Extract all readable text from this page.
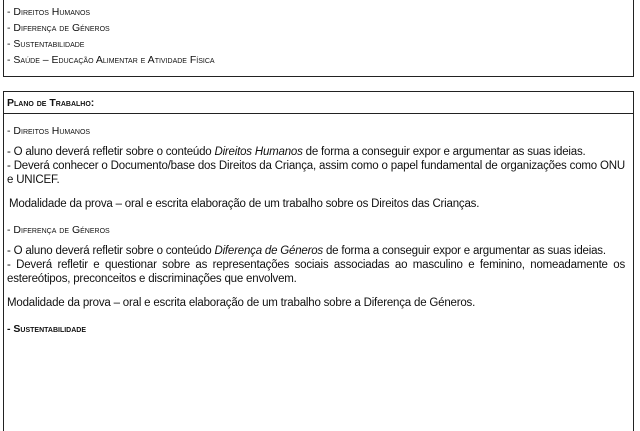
- Direitos Humanos
- Diferença de Géneros
- Sustentabilidade
- Saúde – Educação Alimentar e Atividade Física
Plano de Trabalho:
- Direitos Humanos

- O aluno deverá refletir sobre o conteúdo Direitos Humanos de forma a conseguir expor e argumentar as suas ideias.

- Deverá conhecer o Documento/base dos Direitos da Criança, assim como o papel fundamental de organizações como ONU e UNICEF.

Modalidade da prova – oral e escrita elaboração de um trabalho sobre os Direitos das Crianças.
- Diferença de Géneros

- O aluno deverá refletir sobre o conteúdo Diferença de Géneros de forma a conseguir expor e argumentar as suas ideias.

- Deverá refletir e questionar sobre as representações sociais associadas ao masculino e feminino, nomeadamente os estereótipos, preconceitos e discriminações que envolvem.

Modalidade da prova – oral e escrita elaboração de um trabalho sobre a Diferença de Géneros.
- Sustentabilidade
